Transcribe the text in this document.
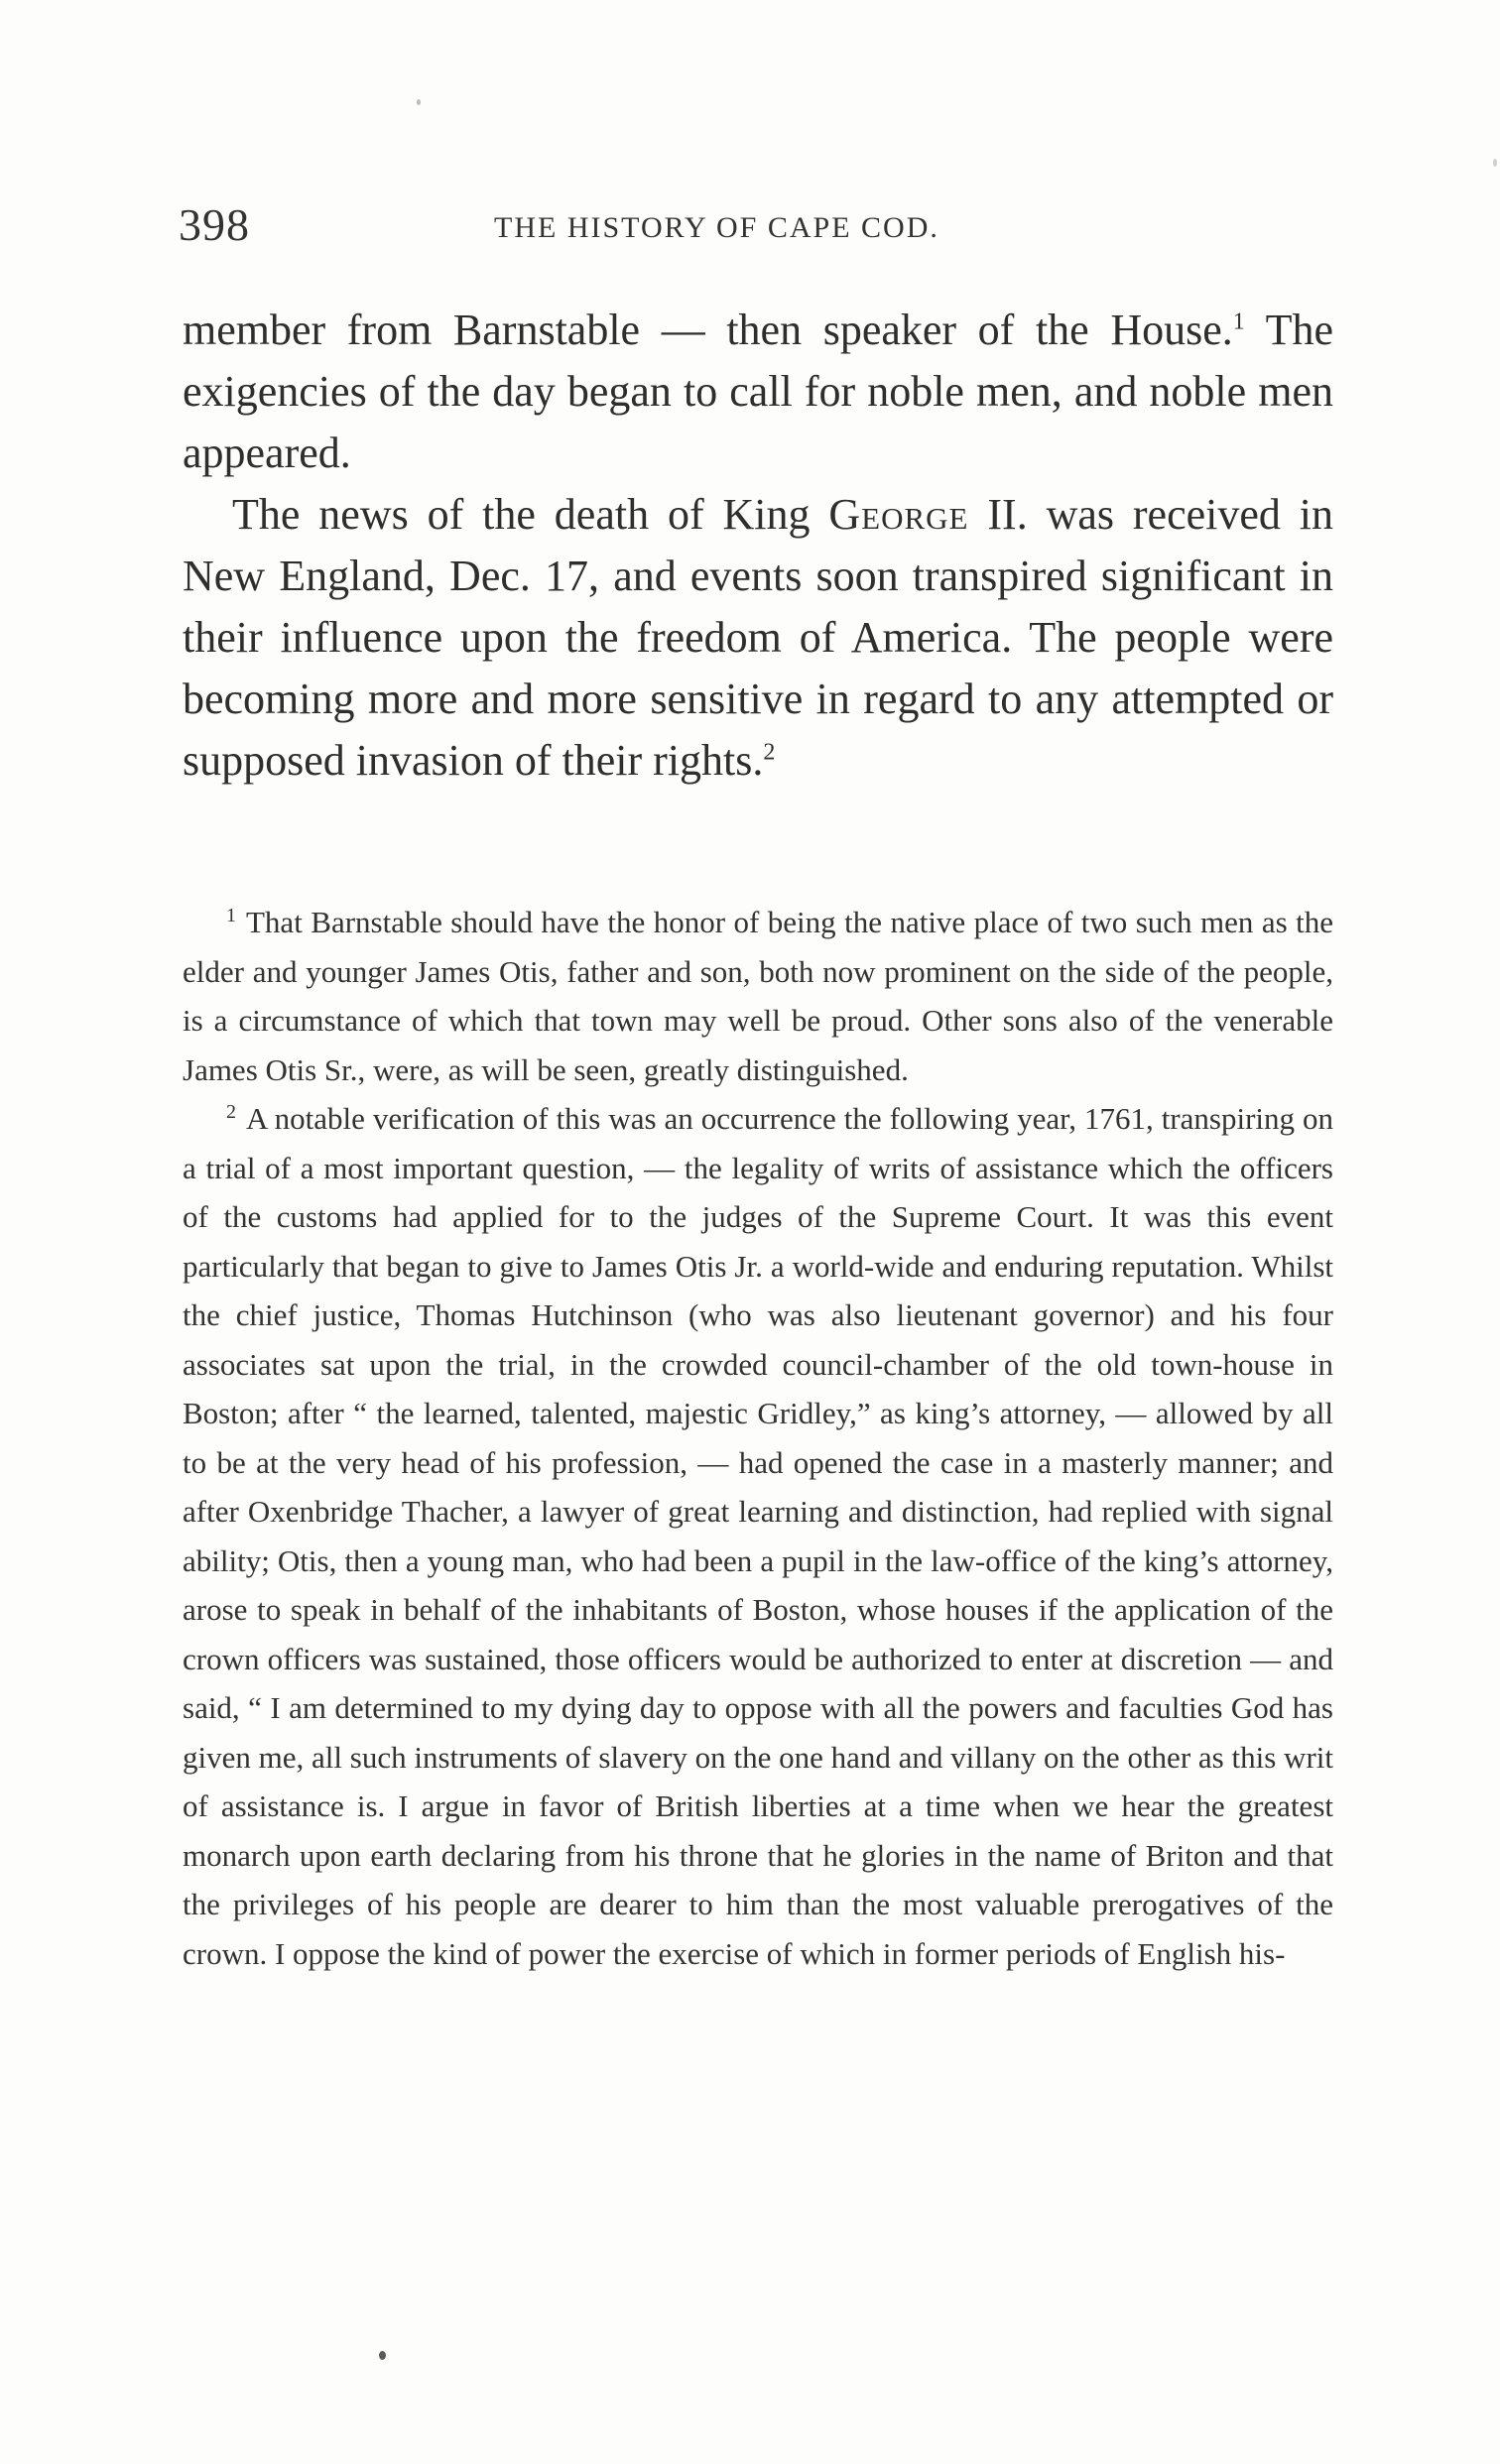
398	THE HISTORY OF CAPE COD.

member from Barnstable — then speaker of the House.$^1$ The exigencies of the day began to call for noble men, and noble men appeared.

The news of the death of King George II. was received in New England, Dec. 17, and events soon transpired significant in their influence upon the freedom of America. The people were becoming more and more sensitive in regard to any attempted or supposed invasion of their rights.$^2$

$^1$ That Barnstable should have the honor of being the native place of two such men as the elder and younger James Otis, father and son, both now prominent on the side of the people, is a circumstance of which that town may well be proud. Other sons also of the venerable James Otis Sr., were, as will be seen, greatly distinguished.

$^2$ A notable verification of this was an occurrence the following year, 1761, transpiring on a trial of a most important question, — the legality of writs of assistance which the officers of the customs had applied for to the judges of the Supreme Court. It was this event particularly that began to give to James Otis Jr. a world-wide and enduring reputation. Whilst the chief justice, Thomas Hutchinson (who was also lieutenant governor) and his four associates sat upon the trial, in the crowded council-chamber of the old town-house in Boston; after “ the learned, talented, majestic Gridley,” as king’s attorney, — allowed by all to be at the very head of his profession, — had opened the case in a masterly manner; and after Oxenbridge Thacher, a lawyer of great learning and distinction, had replied with signal ability; Otis, then a young man, who had been a pupil in the law-office of the king’s attorney, arose to speak in behalf of the inhabitants of Boston, whose houses if the application of the crown officers was sustained, those officers would be authorized to enter at discretion — and said, “ I am determined to my dying day to oppose with all the powers and faculties God has given me, all such instruments of slavery on the one hand and villany on the other as this writ of assistance is. I argue in favor of British liberties at a time when we hear the greatest monarch upon earth declaring from his throne that he glories in the name of Briton and that the privileges of his people are dearer to him than the most valuable prerogatives of the crown. I oppose the kind of power the exercise of which in former periods of English his-
